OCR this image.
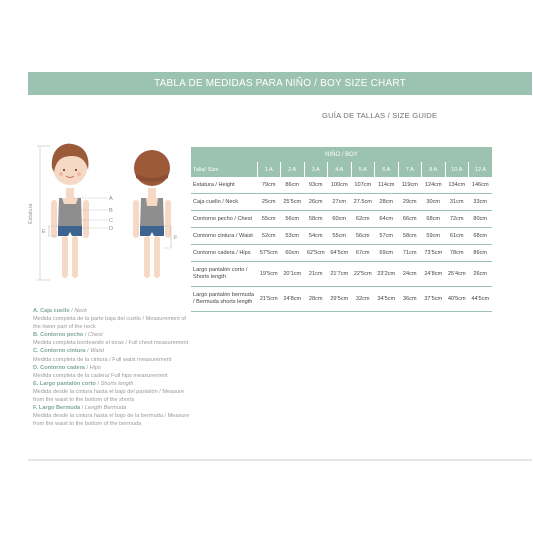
TABLA DE MEDIDAS PARA NIÑO / BOY SIZE CHART
GUÍA DE TALLAS / SIZE GUIDE
Estatura
A
B
C
D
E
F
NIÑO / BOY										
Talla/ Size	1 A	2 A	3 A	4 A	5 A	6 A	7 A	8 A	10 A	12 A
Estatura / Height	79cm	86cm	93cm	100cm	107cm	114cm	119cm	124cm	134cm	146cm
Caja cuello / Neck	25cm	25'5cm	26cm	27cm	27.5cm	28cm	29cm	30cm	31cm	33cm
Contorno pecho / Chest	55cm	56cm	58cm	60cm	62cm	64cm	66cm	68cm	72cm	80cm
Contorno cintura / Waist	52cm	53cm	54cm	55cm	56cm	57cm	58cm	59cm	61cm	68cm
Contorno cadera / Hips	57'5cm	60cm	62'5cm	64'5cm	67cm	69cm	71cm	73'5cm	78cm	86cm
Largo pantalón corto / Shorts length	19'5cm	20'1cm	21cm	21'7cm	22'5cm	23'2cm	24cm	24'8cm	25'4cm	26cm
Largo pantalón bermuda / Bermuda shorts length	21'5cm	24'8cm	28cm	29'5cm	32cm	34'5cm	36cm	37'5cm	40'5cm	44'5cm
A. Caja cuello / Neck
Medida completa de la parte baja del cuello / Measurement of the lower part of the neck
B. Contorno pecho / Chest
Medida completa bordeando el torax / Full chest measurement
C. Contorno cintura / Waist
Medida completa de la cintura / Full waist measurement
D. Contorno cadera / Hips
Medida completa de la cadera/ Full hips measurement
E. Largo pantalón corto / Shorts length
Medida desde la cintura hasta el bajo del pantalón / Measure from the waist to the bottom of the shorts
F. Largo Bermuda / Length Bermuda
Medida desde la cintura hasta el bajo de la bermuda / Measure from the waist to the bottom of the bermuda
